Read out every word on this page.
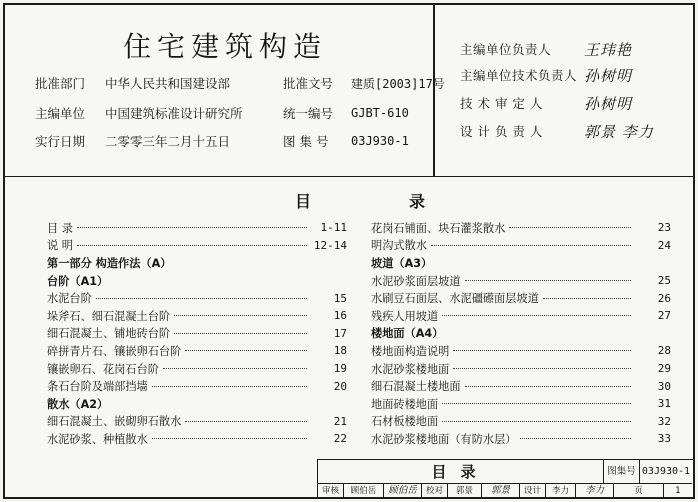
住宅建筑构造
批准部门	中华人民共和国建设部	批准文号	建质[2003]17号
主编单位	中国建筑标准设计研究所	统一编号	GJBT-610
实行日期	二零零三年二月十五日	图 集 号	03J930-1
主编单位负责人	王玮艳
主编单位技术负责人 孙树明
技 术 审 定 人	孙树明
设 计 负 责 人	郭景 李力
目	录
目 录	1-11
说 明	12-14
第一部分 构造作法（A）
台阶（A1）
水泥台阶	15
垛斧石、细石混凝土台阶	16
细石混凝土、铺地砖台阶	17
碎拼青片石、镶嵌卵石台阶	18
镶嵌卵石、花岗石台阶	19
条石台阶及端部挡墙	20
散水（A2）
细石混凝土、嵌砌卵石散水	21
水泥砂浆、种植散水	22
花岗石铺面、块石灌浆散水	23
明沟式散水	24
坡道（A3）
水泥砂浆面层坡道	25
水刷豆石面层、水泥礓礤面层坡道	26
残疾人用坡道	27
楼地面（A4）
楼地面构造说明	28
水泥砂浆楼地面	29
细石混凝土楼地面	30
地面砖楼地面	31
石材板楼地面	32
水泥砂浆楼地面（有防水层）	33
目录	图集号 03J930-1
审核	顾伯岳	顾伯岳	校对	郭景	郭景	设计	李力	李力	页	1
